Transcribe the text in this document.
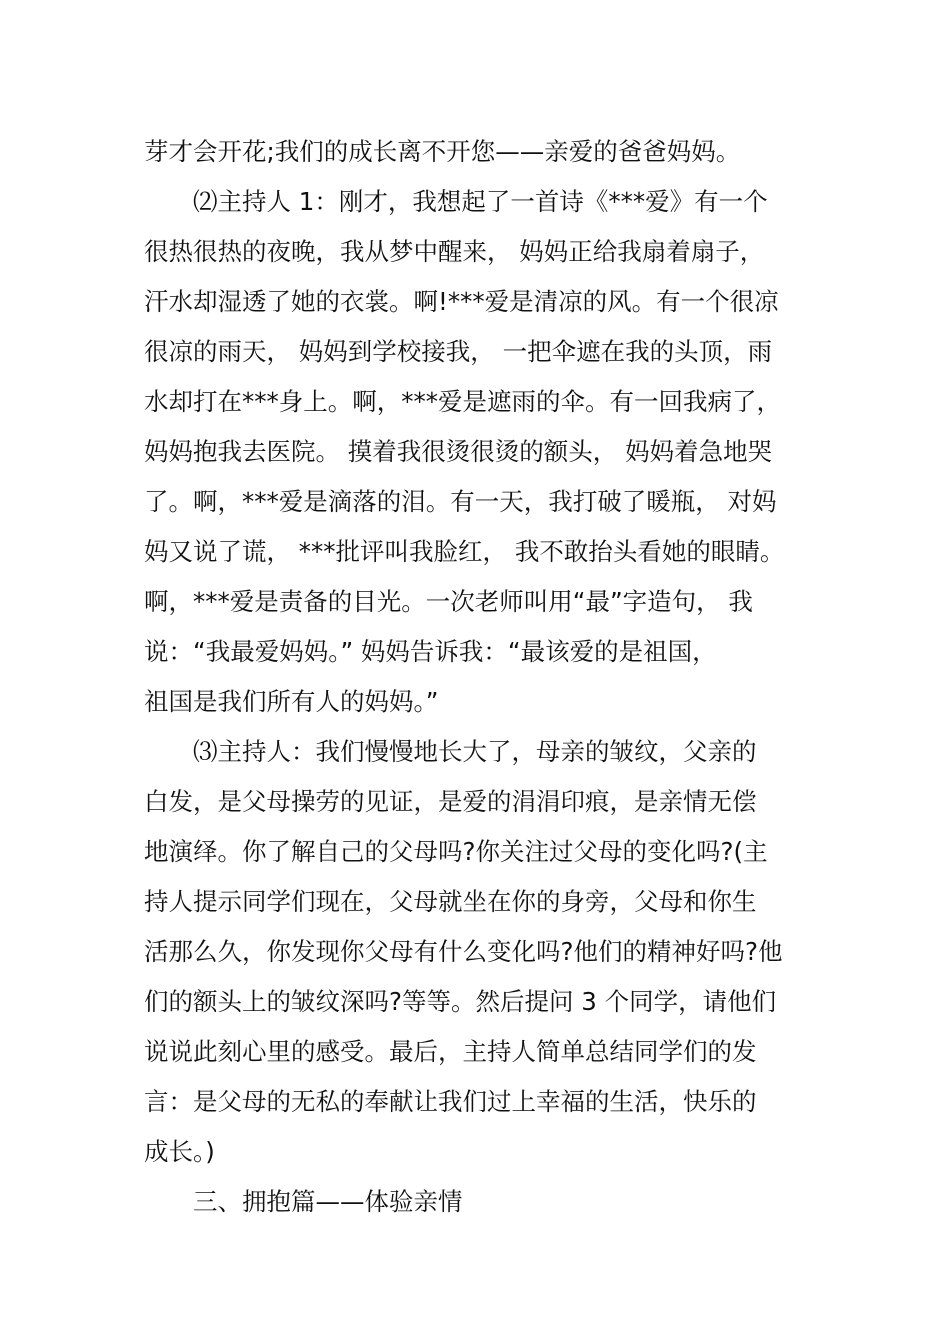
芽才会开花;我们的成长离不开您——亲爱的爸爸妈妈。
⑵主持人 1：刚才，我想起了一首诗《***爱》有一个
很热很热的夜晚，我从梦中醒来， 妈妈正给我扇着扇子，
汗水却湿透了她的衣裳。啊!***爱是清凉的风。有一个很凉
很凉的雨天， 妈妈到学校接我， 一把伞遮在我的头顶，雨
水却打在***身上。啊，***爱是遮雨的伞。有一回我病了，
妈妈抱我去医院。 摸着我很烫很烫的额头， 妈妈着急地哭
了。啊，***爱是滴落的泪。有一天，我打破了暖瓶， 对妈
妈又说了谎， ***批评叫我脸红， 我不敢抬头看她的眼睛。
啊，***爱是责备的目光。一次老师叫用“最”字造句， 我
说：“我最爱妈妈。” 妈妈告诉我：“最该爱的是祖国，
祖国是我们所有人的妈妈。”
⑶主持人：我们慢慢地长大了，母亲的皱纹，父亲的
白发，是父母操劳的见证，是爱的涓涓印痕，是亲情无偿
地演绎。你了解自己的父母吗?你关注过父母的变化吗?(主
持人提示同学们现在，父母就坐在你的身旁，父母和你生
活那么久，你发现你父母有什么变化吗?他们的精神好吗?他
们的额头上的皱纹深吗?等等。然后提问 3 个同学，请他们
说说此刻心里的感受。最后，主持人简单总结同学们的发
言：是父母的无私的奉献让我们过上幸福的生活，快乐的
成长。)
三、拥抱篇——体验亲情
